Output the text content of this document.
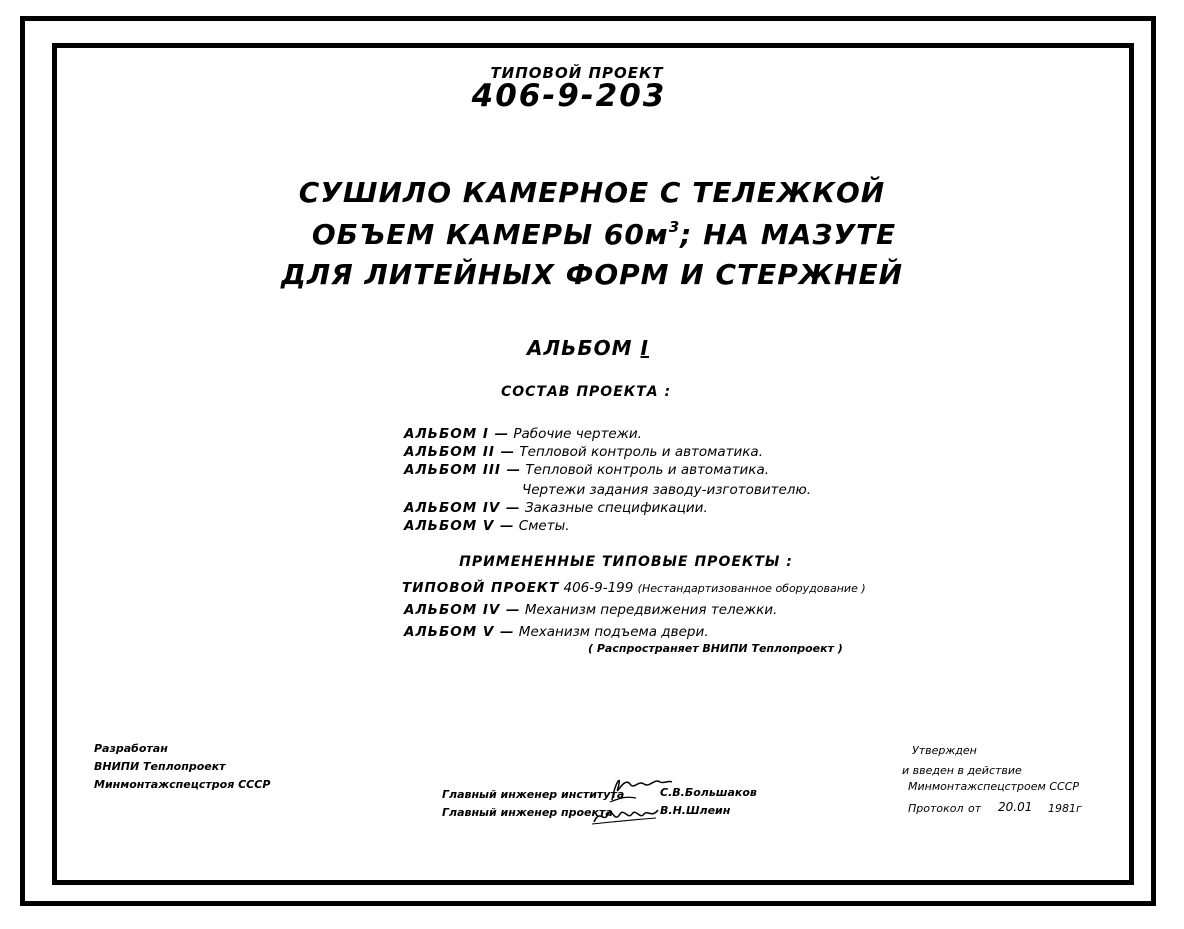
ТИПОВОЙ ПРОЕКТ
406-9-203
СУШИЛО КАМЕРНОЕ С ТЕЛЕЖКОЙ
ОБЪЕМ КАМЕРЫ $60м^3$; НА МАЗУТЕ
ДЛЯ ЛИТЕЙНЫХ ФОРМ И СТЕРЖНЕЙ
АЛЬБОМ I
СОСТАВ ПРОЕКТА :
АЛЬБОМ I — Рабочие чертежи.
АЛЬБОМ II — Тепловой контроль и автоматика.
АЛЬБОМ III — Тепловой контроль и автоматика.
Чертежи задания заводу-изготовителю.
АЛЬБОМ IV — Заказные спецификации.
АЛЬБОМ V — Сметы.
ПРИМЕНЕННЫЕ ТИПОВЫЕ ПРОЕКТЫ :
ТИПОВОЙ ПРОЕКТ 406-9-199 (Нестандартизованное оборудование )
АЛЬБОМ IV — Механизм передвижения тележки.
АЛЬБОМ V — Механизм подъема двери.
( Распространяет ВНИПИ Теплопроект )
Разработан
ВНИПИ Теплопроект
Минмонтажспецстроя СССР
Главный инженер института	С.В.Большаков
Главный инженер проекта	В.Н.Шлеин
Утвержден
и введен в действие
Минмонтажспецстроем СССР
Протокол от 20.01 1981г
